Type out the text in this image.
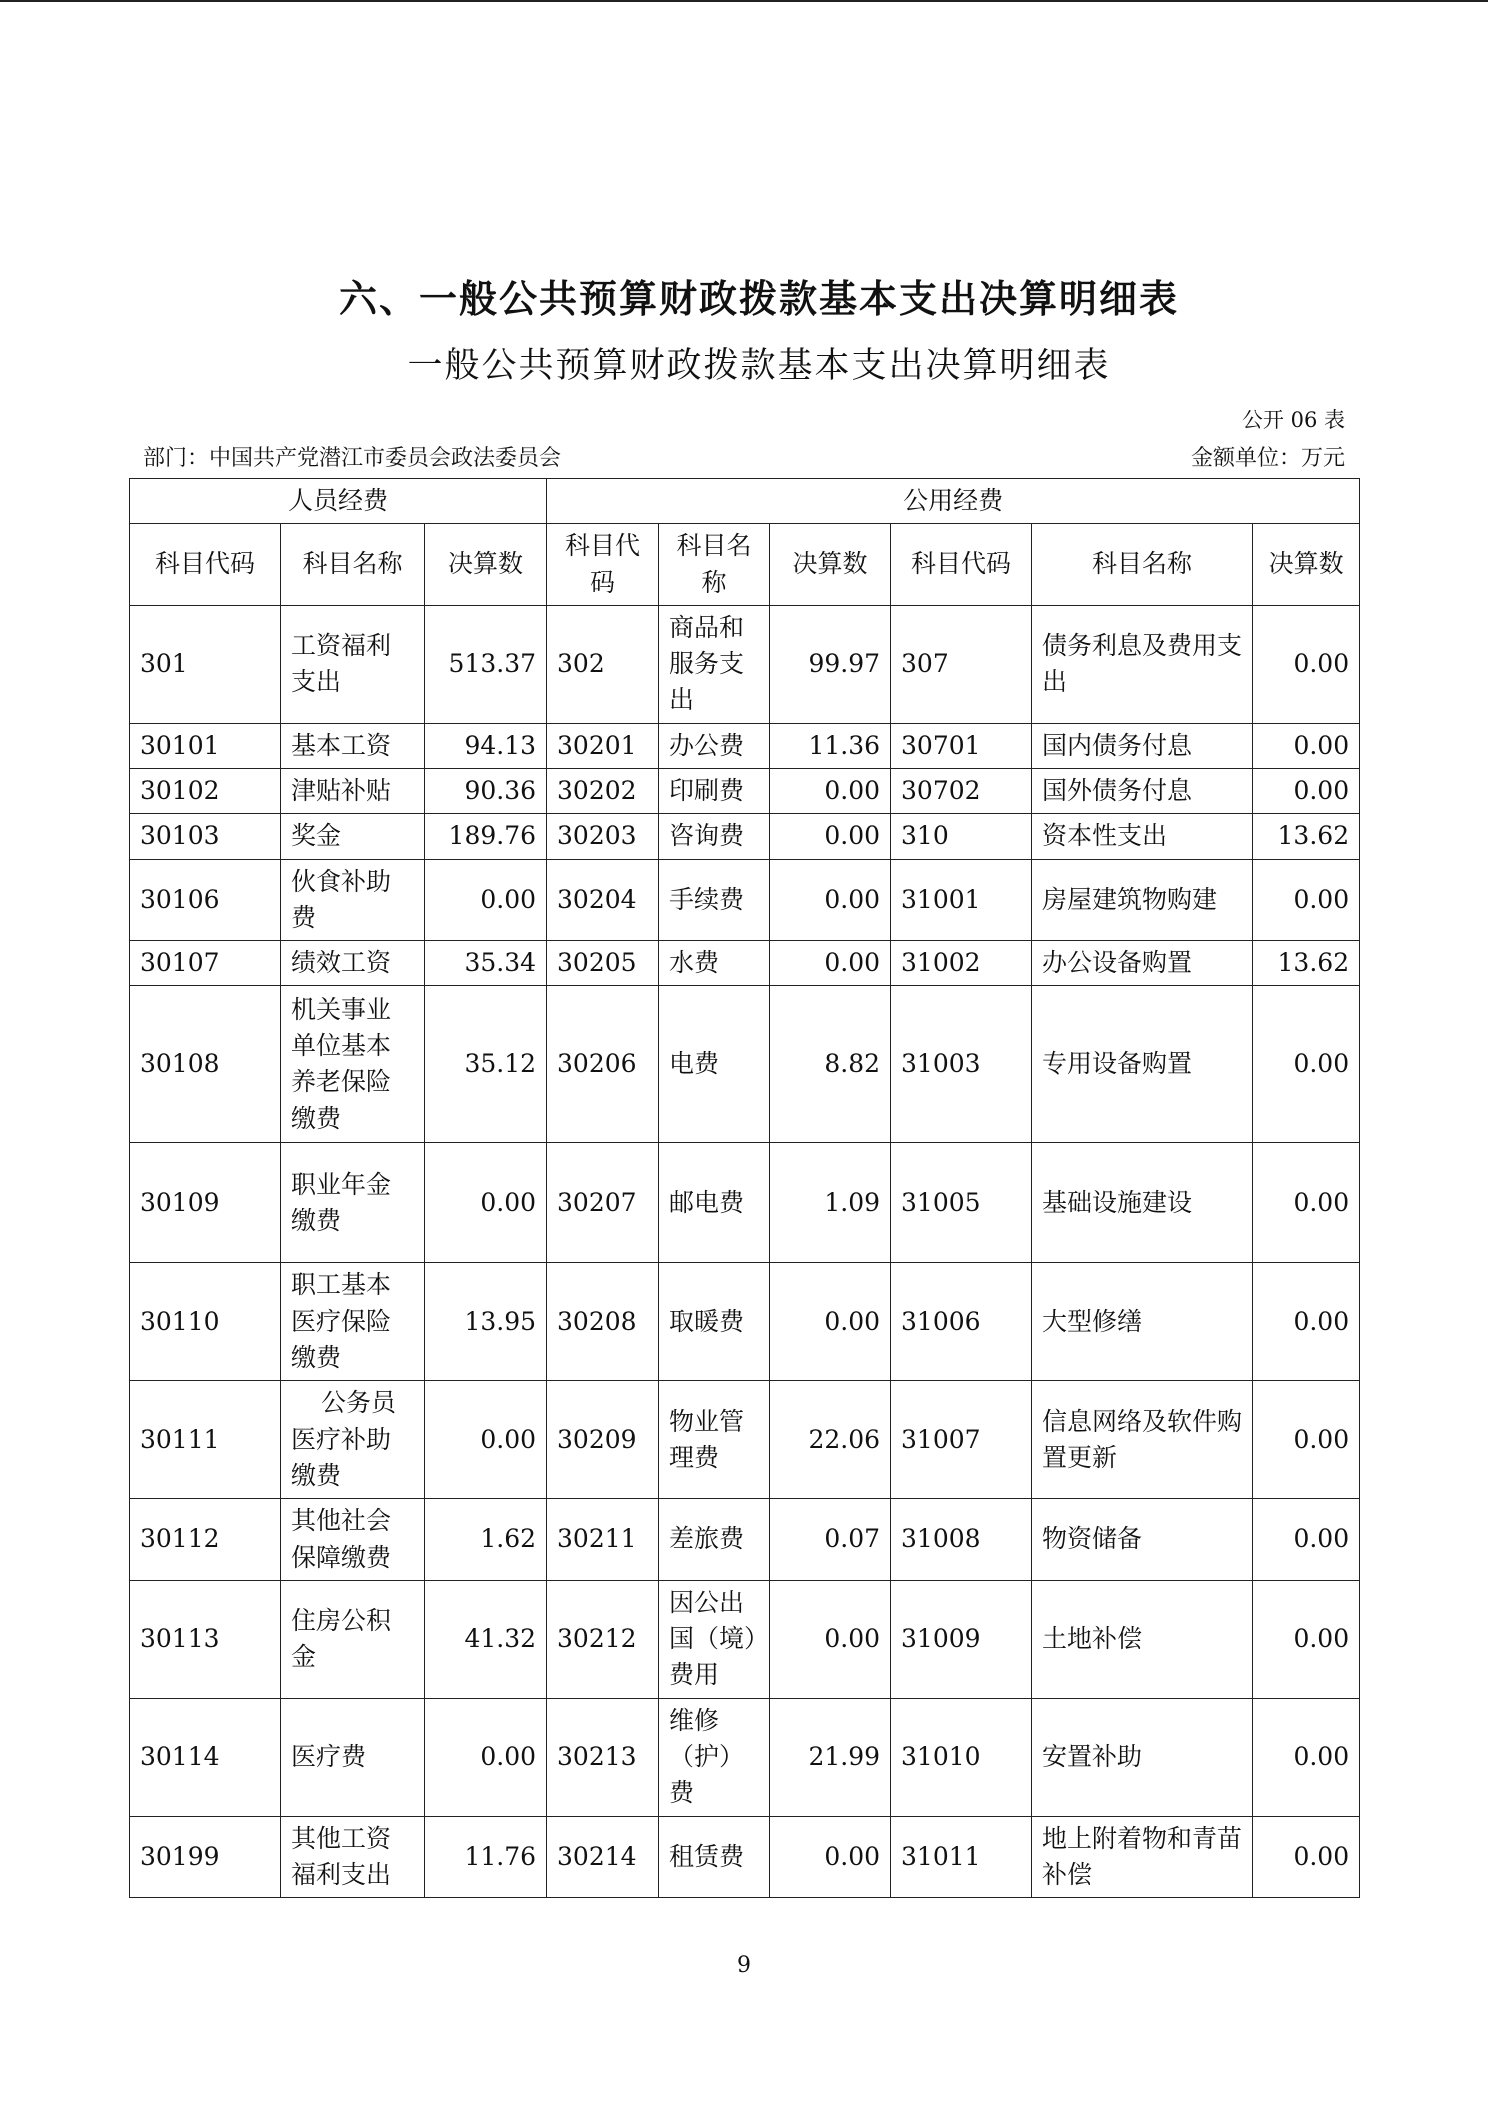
六、一般公共预算财政拨款基本支出决算明细表
一般公共预算财政拨款基本支出决算明细表
公开 06 表
部门：中国共产党潜江市委员会政法委员会	金额单位：万元
人员经费			公用经费					
科目代码	科目名称	决算数	科目代码	科目名称	决算数	科目代码	科目名称	决算数
301	工资福利支出	513.37	302	商品和服务支出	99.97	307	债务利息及费用支出	0.00
30101	基本工资	94.13	30201	办公费	11.36	30701	国内债务付息	0.00
30102	津贴补贴	90.36	30202	印刷费	0.00	30702	国外债务付息	0.00
30103	奖金	189.76	30203	咨询费	0.00	310	资本性支出	13.62
30106	伙食补助费	0.00	30204	手续费	0.00	31001	房屋建筑物购建	0.00
30107	绩效工资	35.34	30205	水费	0.00	31002	办公设备购置	13.62
30108	机关事业单位基本养老保险缴费	35.12	30206	电费	8.82	31003	专用设备购置	0.00
30109	职业年金缴费	0.00	30207	邮电费	1.09	31005	基础设施建设	0.00
30110	职工基本医疗保险缴费	13.95	30208	取暖费	0.00	31006	大型修缮	0.00
30111	公务员医疗补助缴费	0.00	30209	物业管理费	22.06	31007	信息网络及软件购置更新	0.00
30112	其他社会保障缴费	1.62	30211	差旅费	0.07	31008	物资储备	0.00
30113	住房公积金	41.32	30212	因公出国（境）费用	0.00	31009	土地补偿	0.00
30114	医疗费	0.00	30213	维修（护）费	21.99	31010	安置补助	0.00
30199	其他工资福利支出	11.76	30214	租赁费	0.00	31011	地上附着物和青苗补偿	0.00
9
